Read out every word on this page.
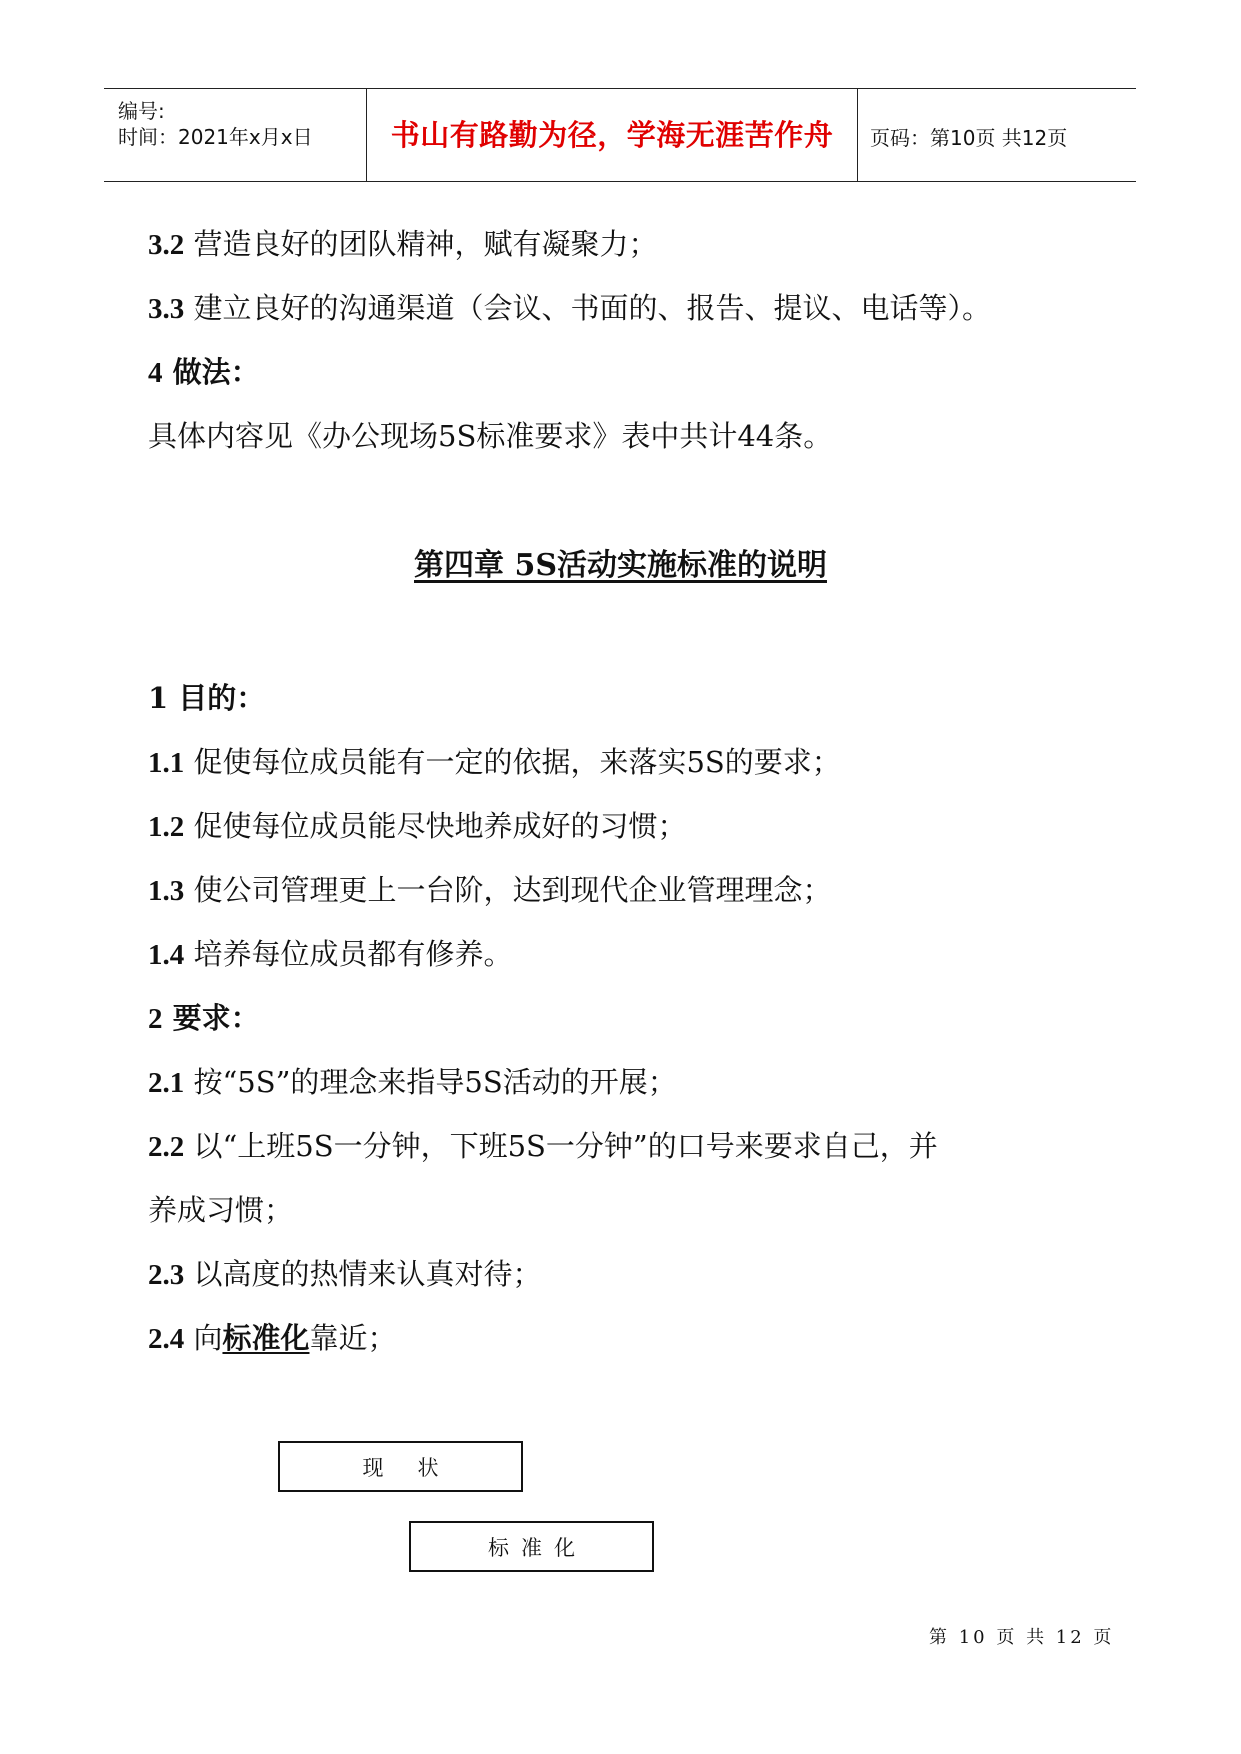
编号:
时间：2021年x月x日	书山有路勤为径，学海无涯苦作舟	页码：第10页 共12页
3.2 营造良好的团队精神，赋有凝聚力；
3.3 建立良好的沟通渠道（会议、书面的、报告、提议、电话等）。
4 做法：
具体内容见《办公现场5S标准要求》表中共计44条。
第四章 5S活动实施标准的说明
1 目的：
1.1 促使每位成员能有一定的依据，来落实5S的要求；
1.2 促使每位成员能尽快地养成好的习惯；
1.3 使公司管理更上一台阶，达到现代企业管理理念；
1.4 培养每位成员都有修养。
2 要求：
2.1 按“5S”的理念来指导5S活动的开展；
2.2 以“上班5S一分钟，下班5S一分钟”的口号来要求自己，并
养成习惯；
2.3 以高度的热情来认真对待；
2.4 向标准化靠近；
现状
标准化
第 10 页 共 12 页
